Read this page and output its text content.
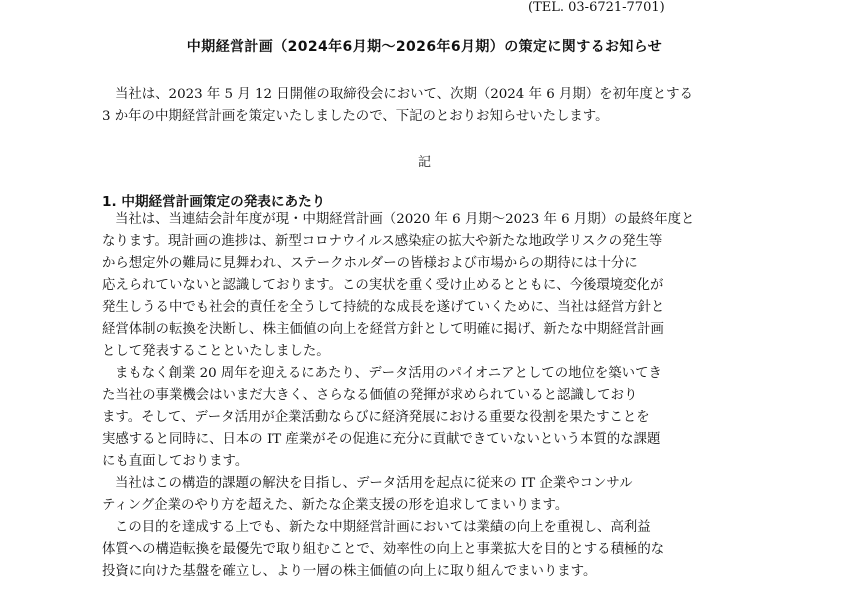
(TEL. 03-6721-7701)
中期経営計画（2024年6月期～2026年6月期）の策定に関するお知らせ
当社は、2023 年 5 月 12 日開催の取締役会において、次期（2024 年 6 月期）を初年度とする
3 か年の中期経営計画を策定いたしましたので、下記のとおりお知らせいたします。
記
1. 中期経営計画策定の発表にあたり
当社は、当連結会計年度が現・中期経営計画（2020 年 6 月期～2023 年 6 月期）の最終年度と
なります。現計画の進捗は、新型コロナウイルス感染症の拡大や新たな地政学リスクの発生等
から想定外の難局に見舞われ、ステークホルダーの皆様および市場からの期待には十分に
応えられていないと認識しております。この実状を重く受け止めるとともに、今後環境変化が
発生しうる中でも社会的責任を全うして持続的な成長を遂げていくために、当社は経営方針と
経営体制の転換を決断し、株主価値の向上を経営方針として明確に掲げ、新たな中期経営計画
として発表することといたしました。
まもなく創業 20 周年を迎えるにあたり、データ活用のパイオニアとしての地位を築いてき
た当社の事業機会はいまだ大きく、さらなる価値の発揮が求められていると認識しており
ます。そして、データ活用が企業活動ならびに経済発展における重要な役割を果たすことを
実感すると同時に、日本の IT 産業がその促進に充分に貢献できていないという本質的な課題
にも直面しております。
当社はこの構造的課題の解決を目指し、データ活用を起点に従来の IT 企業やコンサル
ティング企業のやり方を超えた、新たな企業支援の形を追求してまいります。
この目的を達成する上でも、新たな中期経営計画においては業績の向上を重視し、高利益
体質への構造転換を最優先で取り組むことで、効率性の向上と事業拡大を目的とする積極的な
投資に向けた基盤を確立し、より一層の株主価値の向上に取り組んでまいります。
